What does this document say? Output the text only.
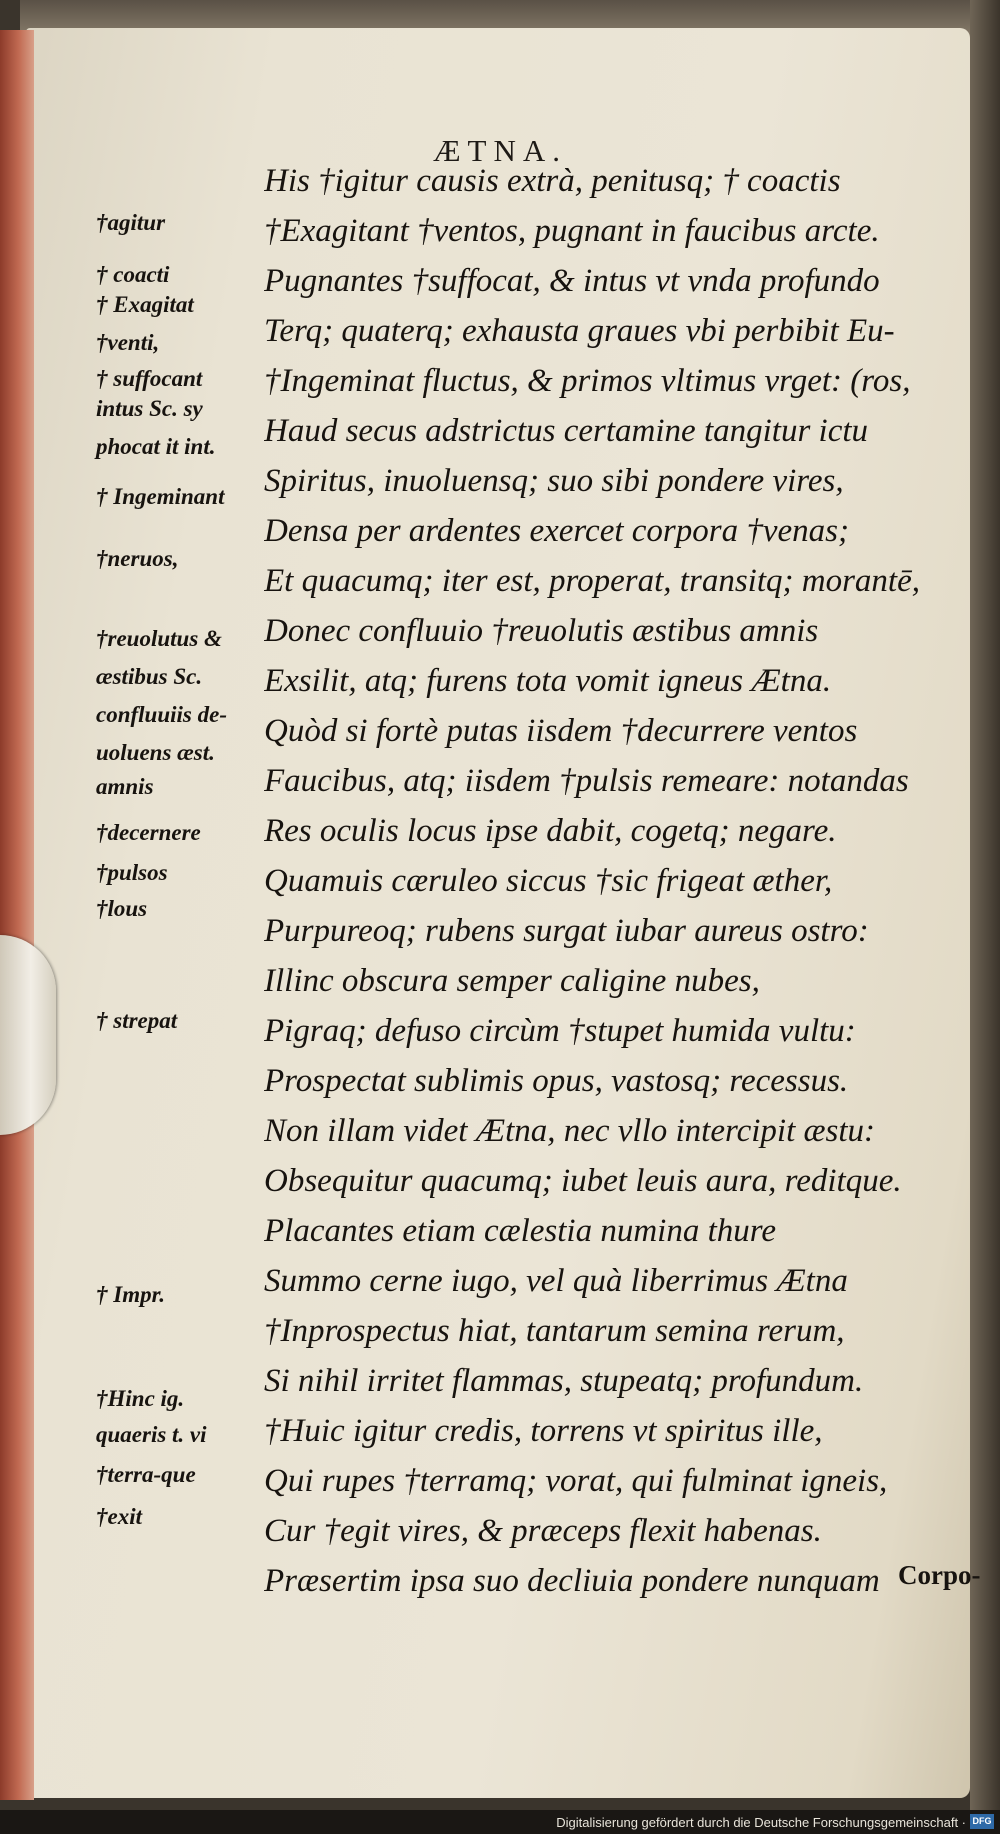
ÆTNA.
His †igitur causis extrà, penitusq; † coactis
†Exagitant †ventos, pugnant in faucibus arcte.
Pugnantes †suffocat, & intus vt vnda profundo
Terq; quaterq; exhausta graues vbi perbibit Eu-
†Ingeminat fluctus, & primos vltimus vrget: (ros,
Haud secus adstrictus certamine tangitur ictu
Spiritus, inuoluensq; suo sibi pondere vires,
Densa per ardentes exercet corpora †venas;
Et quacumq; iter est, properat, transitq; morantē,
Donec confluuio †reuolutis æstibus amnis
Exsilit, atq; furens tota vomit igneus Ætna.
Quòd si fortè putas iisdem †decurrere ventos
Faucibus, atq; iisdem †pulsis remeare: notandas
Res oculis locus ipse dabit, cogetq; negare.
Quamuis cæruleo siccus †sic frigeat æther,
Purpureoq; rubens surgat iubar aureus ostro:
Illinc obscura semper caligine nubes,
Pigraq; defuso circùm †stupet humida vultu:
Prospectat sublimis opus, vastosq; recessus.
Non illam videt Ætna, nec vllo intercipit æstu:
Obsequitur quacumq; iubet leuis aura, reditque.
Placantes etiam cælestia numina thure
Summo cerne iugo, vel quà liberrimus Ætna
†Inprospectus hiat, tantarum semina rerum,
Si nihil irritet flammas, stupeatq; profundum.
†Huic igitur credis, torrens vt spiritus ille,
Qui rupes †terramq; vorat, qui fulminat igneis,
Cur †egit vires, & præceps flexit habenas.
Præsertim ipsa suo decliuia pondere nunquam
†agitur
† coacti
† Exagitat
†venti,
† suffocant
intus Sc. sy
phocat it int.
† Ingeminant
†neruos,
†reuolutus &
æstibus Sc.
confluuiis de-
uoluens æst.
amnis
†decernere
†pulsos
†lous
† strepat
† Impr.
†Hinc ig.
quaeris t. vi
†terra-que
†exit
Corpo-
Digitalisierung gefördert durch die Deutsche Forschungsgemeinschaft · DFG
